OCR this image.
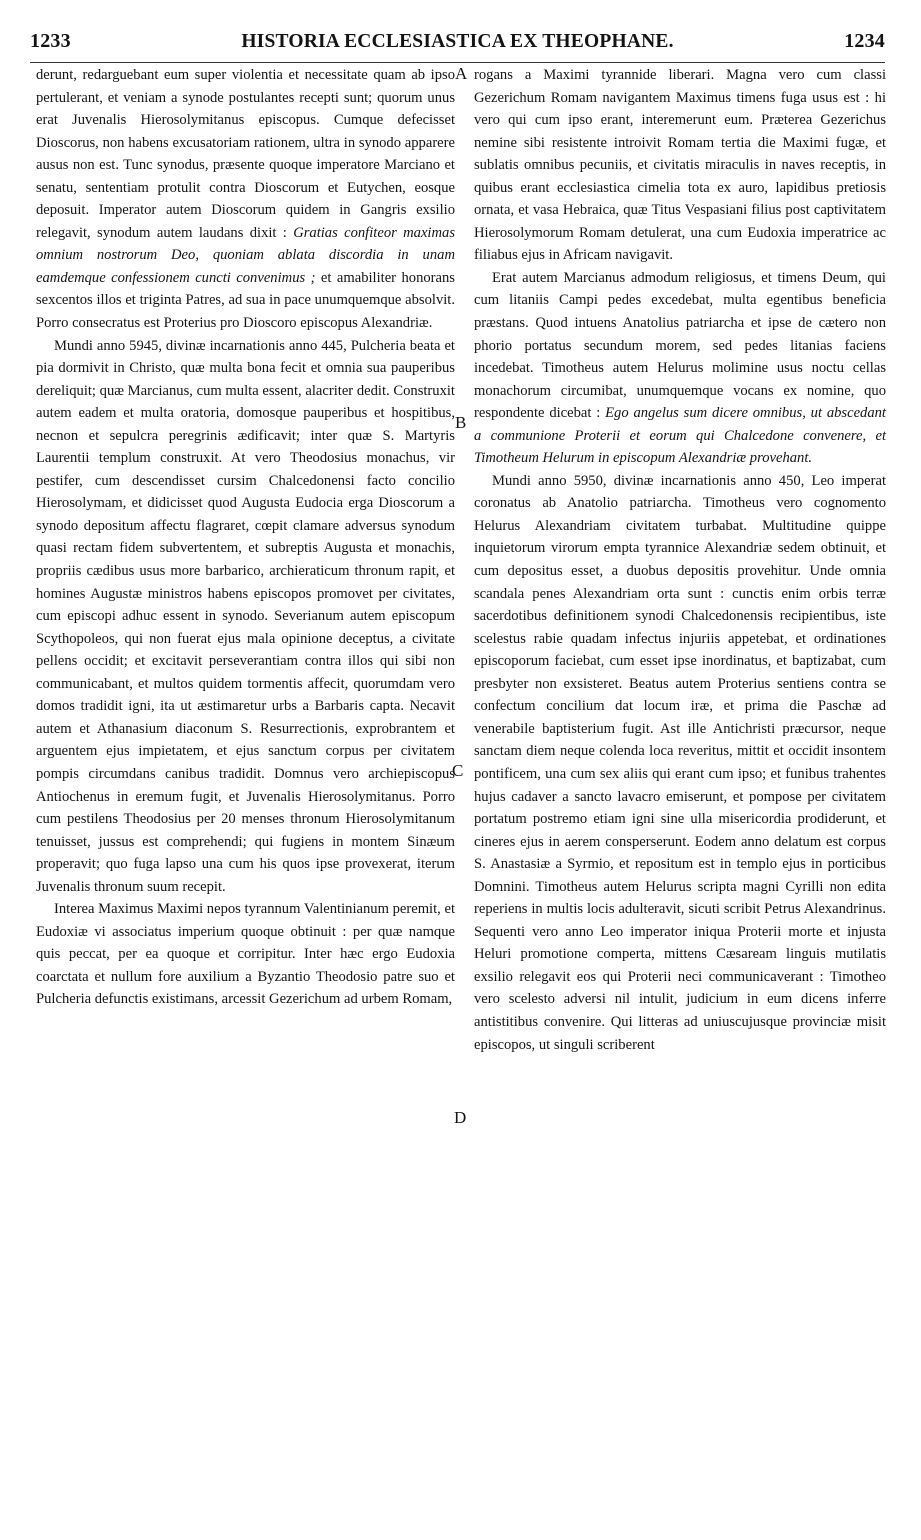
1233	HISTORIA ECCLESIASTICA EX THEOPHANE.	1234

derunt, redarguebant eum super violentia et necessitate quam ab ipso pertulerant, et veniam a synode postulantes recepti sunt; quorum unus erat Juvenalis Hierosolymitanus episcopus. Cumque defecisset Dioscorus, non habens excusatoriam rationem, ultra in synodo apparere ausus non est. Tunc synodus, præsente quoque imperatore Marciano et senatu, sententiam protulit contra Dioscorum et Eutychen, eosque deposuit. Imperator autem Dioscorum quidem in Gangris exsilio relegavit, synodum autem laudans dixit : Gratias confiteor maximas omnium nostrorum Deo, quoniam ablata discordia in unam eamdemque confessionem cuncti convenimus ; et amabiliter honorans sexcentos illos et triginta Patres, ad sua in pace unumquemque absolvit. Porro consecratus est Proterius pro Dioscoro episcopus Alexandriæ.

Mundi anno 5945, divinæ incarnationis anno 445, Pulcheria beata et pia dormivit in Christo, quæ multa bona fecit et omnia sua pauperibus dereliquit; quæ Marcianus, cum multa essent, alacriter dedit. Construxit autem eadem et multa oratoria, domosque pauperibus et hospitibus, necnon et sepulcra peregrinis ædificavit; inter quæ S. Martyris Laurentii templum construxit. At vero Theodosius monachus, vir pestifer, cum descendisset cursim Chalcedonensi facto concilio Hierosolymam, et didicisset quod Augusta Eudocia erga Dioscorum a synodo depositum affectu flagraret, cœpit clamare adversus synodum quasi rectam fidem subvertentem, et subreptis Augusta et monachis, propriis cædibus usus more barbarico, archieraticum thronum rapit, et homines Augustæ ministros habens episcopos promovet per civitates, cum episcopi adhuc essent in synodo. Severianum autem episcopum Scythopoleos, qui non fuerat ejus mala opinione deceptus, a civitate pellens occidit; et excitavit perseverantiam contra illos qui sibi non communicabant, et multos quidem tormentis affecit, quorumdam vero domos tradidit igni, ita ut æstimaretur urbs a Barbaris capta. Necavit autem et Athanasium diaconum S. Resurrectionis, exprobrantem et arguentem ejus impietatem, et ejus sanctum corpus per civitatem pompis circumdans canibus tradidit. Domnus vero archiepiscopus Antiochenus in eremum fugit, et Juvenalis Hierosolymitanus. Porro cum pestilens Theodosius per 20 menses thronum Hierosolymitanum tenuisset, jussus est comprehendi; qui fugiens in montem Sinæum properavit; quo fuga lapso una cum his quos ipse provexerat, iterum Juvenalis thronum suum recepit.

Interea Maximus Maximi nepos tyrannum Valentinianum peremit, et Eudoxiæ vi associatus imperium quoque obtinuit : per quæ namque quis peccat, per ea quoque et corripitur. Inter hæc ergo Eudoxia coarctata et nullum fore auxilium a Byzantio Theodosio patre suo et Pulcheria defunctis existimans, arcessit Gezerichum ad urbem Romam,

A
B
C
D

rogans a Maximi tyrannide liberari. Magna vero cum classi Gezerichum Romam navigantem Maximus timens fuga usus est : hi vero qui cum ipso erant, interemerunt eum. Præterea Gezerichus nemine sibi resistente introivit Romam tertia die Maximi fugæ, et sublatis omnibus pecuniis, et civitatis miraculis in naves receptis, in quibus erant ecclesiastica cimelia tota ex auro, lapidibus pretiosis ornata, et vasa Hebraica, quæ Titus Vespasiani filius post captivitatem Hierosolymorum Romam detulerat, una cum Eudoxia imperatrice ac filiabus ejus in Africam navigavit.

Erat autem Marcianus admodum religiosus, et timens Deum, qui cum litaniis Campi pedes excedebat, multa egentibus beneficia præstans. Quod intuens Anatolius patriarcha et ipse de cætero non phorio portatus secundum morem, sed pedes litanias faciens incedebat. Timotheus autem Helurus molimine usus noctu cellas monachorum circumibat, unumquemque vocans ex nomine, quo respondente dicebat : Ego angelus sum dicere omnibus, ut abscedant a communione Proterii et eorum qui Chalcedone convenere, et Timotheum Helurum in episcopum Alexandriæ provehant.

Mundi anno 5950, divinæ incarnationis anno 450, Leo imperat coronatus ab Anatolio patriarcha. Timotheus vero cognomento Helurus Alexandriam civitatem turbabat. Multitudine quippe inquietorum virorum empta tyrannice Alexandriæ sedem obtinuit, et cum depositus esset, a duobus depositis provehitur. Unde omnia scandala penes Alexandriam orta sunt : cunctis enim orbis terræ sacerdotibus definitionem synodi Chalcedonensis recipientibus, iste scelestus rabie quadam infectus injuriis appetebat, et ordinationes episcoporum faciebat, cum esset ipse inordinatus, et baptizabat, cum presbyter non exsisteret. Beatus autem Proterius sentiens contra se confectum concilium dat locum iræ, et prima die Paschæ ad venerabile baptisterium fugit. Ast ille Antichristi præcursor, neque sanctam diem neque colenda loca reveritus, mittit et occidit insontem pontificem, una cum sex aliis qui erant cum ipso; et funibus trahentes hujus cadaver a sancto lavacro emiserunt, et pompose per civitatem portatum postremo etiam igni sine ulla misericordia prodiderunt, et cineres ejus in aerem consperserunt. Eodem anno delatum est corpus S. Anastasiæ a Syrmio, et repositum est in templo ejus in porticibus Domnini. Timotheus autem Helurus scripta magni Cyrilli non edita reperiens in multis locis adulteravit, sicuti scribit Petrus Alexandrinus. Sequenti vero anno Leo imperator iniqua Proterii morte et injusta Heluri promotione comperta, mittens Cæsaream linguis mutilatis exsilio relegavit eos qui Proterii neci communicaverant : Timotheo vero scelesto adversi nil intulit, judicium in eum dicens inferre antistitibus convenire. Qui litteras ad uniuscujusque provinciæ misit episcopos, ut singuli scriberent
